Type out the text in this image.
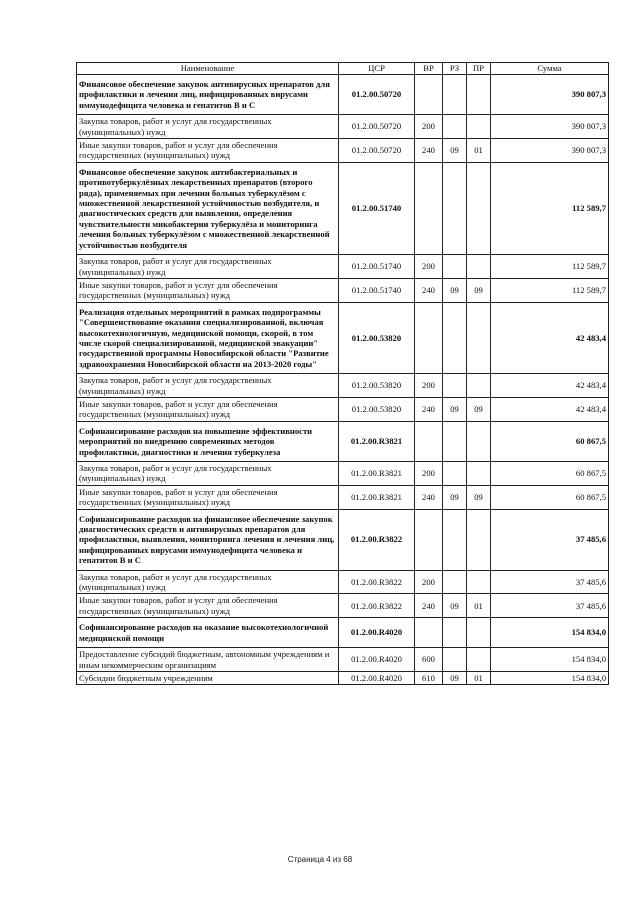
Наименование	ЦСР	ВР	РЗ	ПР	Сумма
Финансовое обеспечение закупок антивирусных препаратов для профилактики и лечения лиц, инфицированных вирусами иммунодефицита человека и гепатитов В и С	01.2.00.50720				390 807,3
Закупка товаров, работ и услуг для государственных (муниципальных) нужд	01.2.00.50720	200			390 807,3
Иные закупки товаров, работ и услуг для обеспечения государственных (муниципальных) нужд	01.2.00.50720	240	09	01	390 807,3
Финансовое обеспечение закупок антибактериальных и противотуберкулёзных лекарственных препаратов (второго ряда), применяемых при лечении больных туберкулёзом с множественной лекарственной устойчивостью возбудителя, и диагностических средств для выявления, определения чувствительности микобактерии туберкулёза и мониторинга лечения больных туберкулёзом с множественной лекарственной устойчивостью возбудителя	01.2.00.51740				112 589,7
Закупка товаров, работ и услуг для государственных (муниципальных) нужд	01.2.00.51740	200			112 589,7
Иные закупки товаров, работ и услуг для обеспечения государственных (муниципальных) нужд	01.2.00.51740	240	09	09	112 589,7
Реализация отдельных мероприятий в рамках подпрограммы "Совершенствование оказания специализированной, включая высокотехнологичную, медицинской помощи, скорой, в том числе скорой специализированной, медицинской эвакуации" государственной программы Новосибирской области "Развитие здравоохранения Новосибирской области на 2013-2020 годы"	01.2.00.53820				42 483,4
Закупка товаров, работ и услуг для государственных (муниципальных) нужд	01.2.00.53820	200			42 483,4
Иные закупки товаров, работ и услуг для обеспечения государственных (муниципальных) нужд	01.2.00.53820	240	09	09	42 483,4
Софинансирование расходов на повышение эффективности мероприятий по внедрению современных методов профилактики, диагностики и лечения туберкулеза	01.2.00.R3821				60 867,5
Закупка товаров, работ и услуг для государственных (муниципальных) нужд	01.2.00.R3821	200			60 867,5
Иные закупки товаров, работ и услуг для обеспечения государственных (муниципальных) нужд	01.2.00.R3821	240	09	09	60 867,5
Софинансирование расходов на финансовое обеспечение закупок диагностических средств и антивирусных препаратов для профилактики, выявления, мониторинга лечения и лечения лиц, инфицированных вирусами иммунодефицита человека и гепатитов В и С	01.2.00.R3822				37 485,6
Закупка товаров, работ и услуг для государственных (муниципальных) нужд	01.2.00.R3822	200			37 485,6
Иные закупки товаров, работ и услуг для обеспечения государственных (муниципальных) нужд	01.2.00.R3822	240	09	01	37 485,6
Софинансирование расходов на оказание высокотехнологичной медицинской помощи	01.2.00.R4020				154 834,0
Предоставление субсидий бюджетным, автономным учреждениям и иным некоммерческим организациям	01.2.00.R4020	600			154 834,0
Субсидии бюджетным учреждениям	01.2.00.R4020	610	09	01	154 834,0
Страница 4 из 68
